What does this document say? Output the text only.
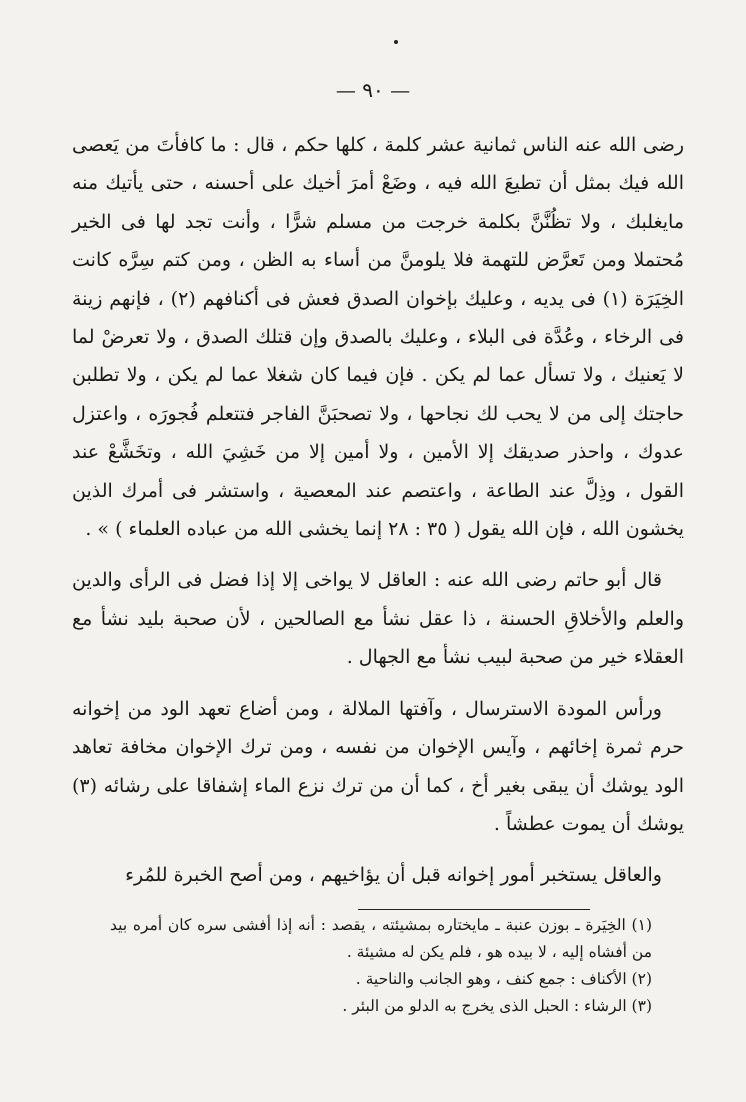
— ٩٠ —

رضى الله عنه الناس ثمانية عشر كلمة ، كلها حكم ، قال : ما كافأتَ من يَعصى الله فيك بمثل أن تطيعَ الله فيه ، وضَعْ أمرَ أخيك على أحسنه ، حتى يأتيك منه مايغلبك ، ولا تظُنَّنَّ بكلمة خرجت من مسلم شرًّا ، وأنت تجد لها فى الخير مُحتملا ومن تَعرَّض للتهمة فلا يلومنَّ من أساء به الظن ، ومن كتم سِرَّه كانت الخِيَرَة (١) فى يديه ، وعليك بإخوان الصدق فعش فى أكنافهم (٢) ، فإنهم زينة فى الرخاء ، وعُدَّة فى البلاء ، وعليك بالصدق وإن قتلك الصدق ، ولا تعرضْ لما لا يَعنيك ، ولا تسأل عما لم يكن . فإن فيما كان شغلا عما لم يكن ، ولا تطلبن حاجتك إلى من لا يحب لك نجاحها ، ولا تصحبَنَّ الفاجر فتتعلم فُجورَه ، واعتزل عدوك ، واحذر صديقك إلا الأمين ، ولا أمين إلا من خَشِيَ الله ، وتخَشَّعْ عند القول ، وذِلَّ عند الطاعة ، واعتصم عند المعصية ، واستشر فى أمرك الذين يخشون الله ، فإن الله يقول ( ٣٥ : ٢٨ إنما يخشى الله من عباده العلماء ) » .

قال أبو حاتم رضى الله عنه : العاقل لا يواخى إلا إذا فضل فى الرأى والدين والعلم والأخلاقِ الحسنة ، ذا عقل نشأ مع الصالحين ، لأن صحبة بليد نشأ مع العقلاء خير من صحبة لبيب نشأ مع الجهال .

ورأس المودة الاسترسال ، وآفتها الملالة ، ومن أضاع تعهد الود من إخوانه حرم ثمرة إخائهم ، وآيس الإخوان من نفسه ، ومن ترك الإخوان مخافة تعاهد الود يوشك أن يبقى بغير أخ ، كما أن من ترك نزع الماء إشفاقا على رشائه (٣) يوشك أن يموت عطشاً .

والعاقل يستخبر أمور إخوانه قبل أن يؤاخيهم ، ومن أصح الخبرة للمُرء

(١) الخِيَرة ـ بوزن عنبة ـ مايختاره بمشيئته ، يقصد : أنه إذا أفشى سره كان أمره بيد من أفشاه إليه ، لا بيده هو ، فلم يكن له مشيئة .

(٢) الأكناف : جمع كنف ، وهو الجانب والناحية .

(٣) الرشاء : الحبل الذى يخرج به الدلو من البئر .
